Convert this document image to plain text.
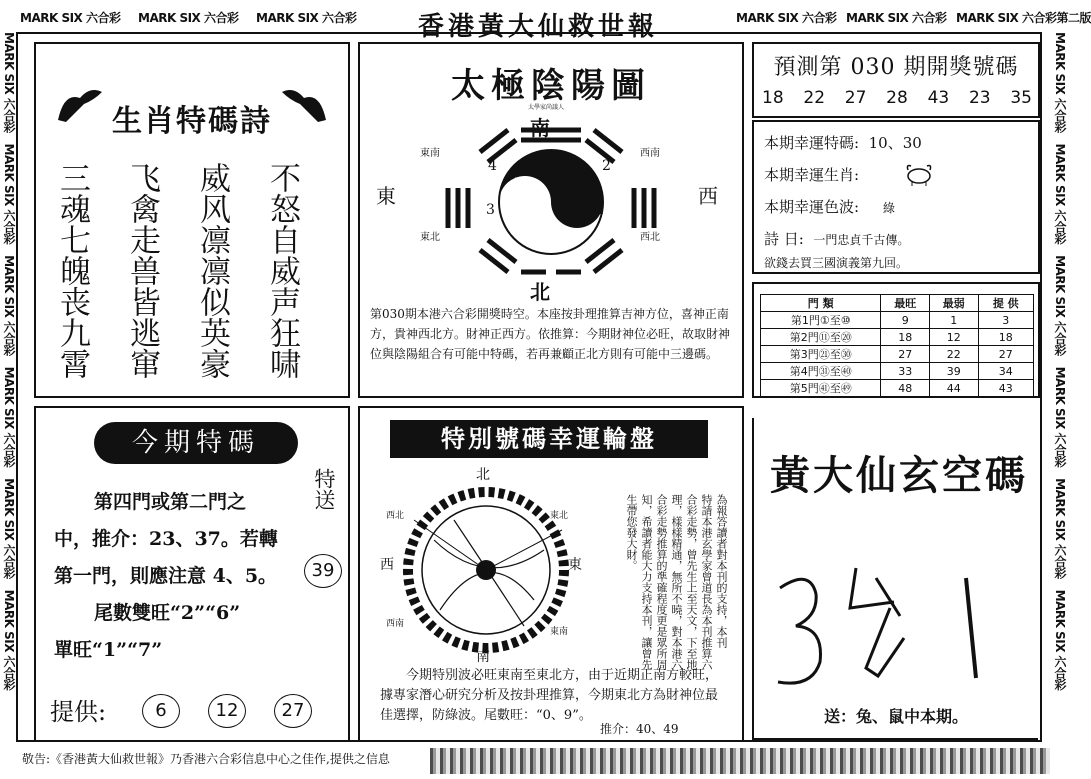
MARK SIX 六合彩 MARK SIX 六合彩 MARK SIX 六合彩	MARK SIX 六合彩 MARK SIX 六合彩 MARK SIX 六合彩第二版
香港黃大仙救世報
MARK SIX 六合彩   MARK SIX 六合彩   MARK SIX 六合彩   MARK SIX 六合彩   MARK SIX 六合彩   MARK SIX 六合彩
MARK SIX 六合彩   MARK SIX 六合彩   MARK SIX 六合彩   MARK SIX 六合彩   MARK SIX 六合彩   MARK SIX 六合彩
生肖特碼詩
三魂七魄丧九霄 飞禽走兽皆逃窜 威风凛凛似英豪 不怒自威声狂啸
太極陰陽圖
太學家尚議人
南
北
東	西
東南	西南
東北	西北
4	2
7	0
3	1
第030期本港六合彩開獎時空。本座按卦理推算吉神方位，喜神正南方，貴神西北方。財神正西方。依推算：今期財神位必旺，故取財神位與陰陽組合有可能中特碼，若再兼顧正北方則有可能中三邊碼。
預測第 030 期開獎號碼
18 22 27 28 43 23 35
本期幸運特碼: 10、30
本期幸運生肖:
本期幸運色波: 綠
詩 日: 一門忠貞千古傳。
欲錢去買三國演義第九回。
門 類	最旺	最弱	提 供
第1門①至⑩	9	1	3
第2門⑪至⑳	18	12	18
第3門㉑至㉚	27	22	27
第4門㉛至㊵	33	39	34
第5門㊶至㊾	48	44	43
今期特碼
第四門或第二門之
中，推介：23、37。若轉
第一門，則應注意 4、5。
尾數雙旺“2”“6”
單旺“1”“7”
特送
39
提供:	6	12	27
特別號碼幸運輪盤
北
南
東
西
西北	東北
西南
東南	為報答讀者對本刊的支持，本刊
特請本港玄學家曾道長為本刊推算六
合彩走勢，曾先生上至天文，下至地
理，樣樣精通，無所不曉，對本港六
合彩走勢推算的準確程度更是眾所周
知，希讀者能大力支持本刊，讓曾先
生帶您發大財。
今期特別波必旺東南至東北方，由于近期正南方較旺，據專家潛心研究分析及按卦理推算，今期東北方為財神位最佳選擇，防綠波。尾數旺：“0、9”。
推介：40、49
黃大仙玄空碼
送：兔、鼠中本期。
敬告:《香港黃大仙救世報》乃香港六合彩信息中心之佳作,提供之信息
